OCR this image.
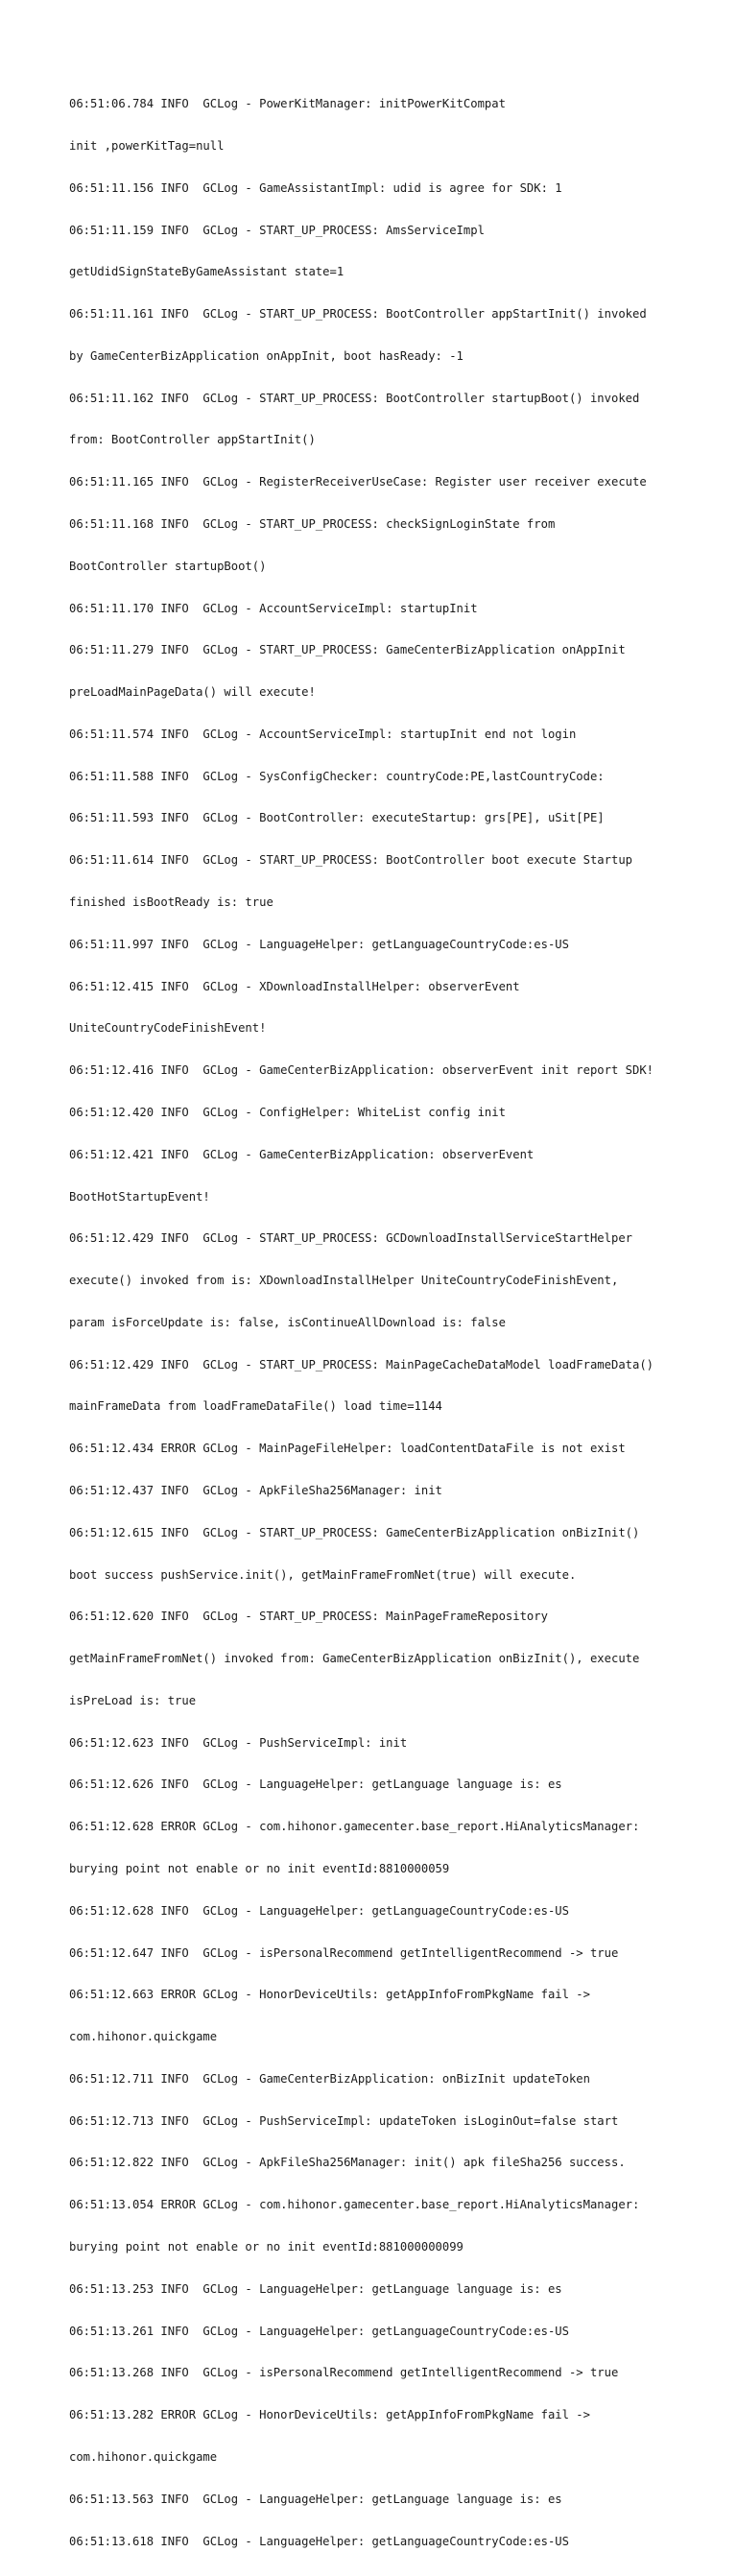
06:51:06.784 INFO  GCLog - PowerKitManager: initPowerKitCompat

init ,powerKitTag=null

06:51:11.156 INFO  GCLog - GameAssistantImpl: udid is agree for SDK: 1

06:51:11.159 INFO  GCLog - START_UP_PROCESS: AmsServiceImpl

getUdidSignStateByGameAssistant state=1

06:51:11.161 INFO  GCLog - START_UP_PROCESS: BootController appStartInit() invoked

by GameCenterBizApplication onAppInit, boot hasReady: -1

06:51:11.162 INFO  GCLog - START_UP_PROCESS: BootController startupBoot() invoked

from: BootController appStartInit()

06:51:11.165 INFO  GCLog - RegisterReceiverUseCase: Register user receiver execute

06:51:11.168 INFO  GCLog - START_UP_PROCESS: checkSignLoginState from

BootController startupBoot()

06:51:11.170 INFO  GCLog - AccountServiceImpl: startupInit

06:51:11.279 INFO  GCLog - START_UP_PROCESS: GameCenterBizApplication onAppInit

preLoadMainPageData() will execute!

06:51:11.574 INFO  GCLog - AccountServiceImpl: startupInit end not login

06:51:11.588 INFO  GCLog - SysConfigChecker: countryCode:PE,lastCountryCode:

06:51:11.593 INFO  GCLog - BootController: executeStartup: grs[PE], uSit[PE]

06:51:11.614 INFO  GCLog - START_UP_PROCESS: BootController boot execute Startup

finished isBootReady is: true

06:51:11.997 INFO  GCLog - LanguageHelper: getLanguageCountryCode:es-US

06:51:12.415 INFO  GCLog - XDownloadInstallHelper: observerEvent

UniteCountryCodeFinishEvent!

06:51:12.416 INFO  GCLog - GameCenterBizApplication: observerEvent init report SDK!

06:51:12.420 INFO  GCLog - ConfigHelper: WhiteList config init

06:51:12.421 INFO  GCLog - GameCenterBizApplication: observerEvent

BootHotStartupEvent!

06:51:12.429 INFO  GCLog - START_UP_PROCESS: GCDownloadInstallServiceStartHelper

execute() invoked from is: XDownloadInstallHelper UniteCountryCodeFinishEvent,

param isForceUpdate is: false, isContinueAllDownload is: false

06:51:12.429 INFO  GCLog - START_UP_PROCESS: MainPageCacheDataModel loadFrameData()

mainFrameData from loadFrameDataFile() load time=1144

06:51:12.434 ERROR GCLog - MainPageFileHelper: loadContentDataFile is not exist

06:51:12.437 INFO  GCLog - ApkFileSha256Manager: init

06:51:12.615 INFO  GCLog - START_UP_PROCESS: GameCenterBizApplication onBizInit()

boot success pushService.init(), getMainFrameFromNet(true) will execute.

06:51:12.620 INFO  GCLog - START_UP_PROCESS: MainPageFrameRepository

getMainFrameFromNet() invoked from: GameCenterBizApplication onBizInit(), execute

isPreLoad is: true

06:51:12.623 INFO  GCLog - PushServiceImpl: init

06:51:12.626 INFO  GCLog - LanguageHelper: getLanguage language is: es

06:51:12.628 ERROR GCLog - com.hihonor.gamecenter.base_report.HiAnalyticsManager:

burying point not enable or no init eventId:8810000059

06:51:12.628 INFO  GCLog - LanguageHelper: getLanguageCountryCode:es-US

06:51:12.647 INFO  GCLog - isPersonalRecommend getIntelligentRecommend -> true

06:51:12.663 ERROR GCLog - HonorDeviceUtils: getAppInfoFromPkgName fail ->

com.hihonor.quickgame

06:51:12.711 INFO  GCLog - GameCenterBizApplication: onBizInit updateToken

06:51:12.713 INFO  GCLog - PushServiceImpl: updateToken isLoginOut=false start

06:51:12.822 INFO  GCLog - ApkFileSha256Manager: init() apk fileSha256 success.

06:51:13.054 ERROR GCLog - com.hihonor.gamecenter.base_report.HiAnalyticsManager:

burying point not enable or no init eventId:881000000099

06:51:13.253 INFO  GCLog - LanguageHelper: getLanguage language is: es

06:51:13.261 INFO  GCLog - LanguageHelper: getLanguageCountryCode:es-US

06:51:13.268 INFO  GCLog - isPersonalRecommend getIntelligentRecommend -> true

06:51:13.282 ERROR GCLog - HonorDeviceUtils: getAppInfoFromPkgName fail ->

com.hihonor.quickgame

06:51:13.563 INFO  GCLog - LanguageHelper: getLanguage language is: es

06:51:13.618 INFO  GCLog - LanguageHelper: getLanguageCountryCode:es-US
